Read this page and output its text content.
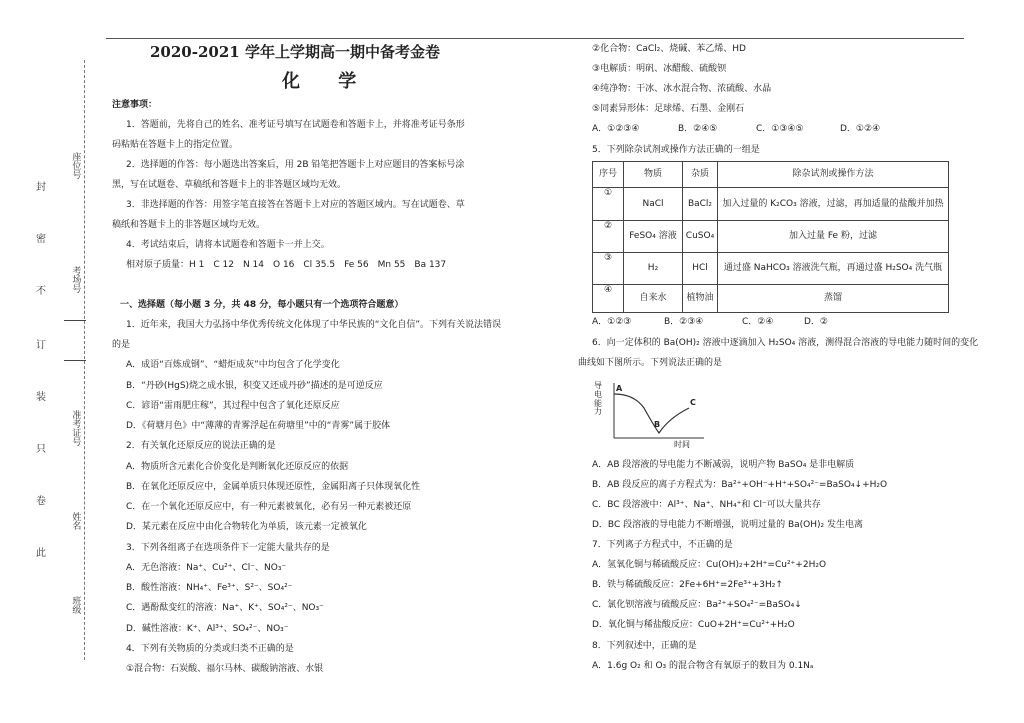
座位号
考场号
准考证号
姓名
班级
封
密
不
订
装
只
卷
此
2020-2021 学年上学期高一期中备考金卷
化 学
注意事项：
1．答题前，先将自己的姓名、准考证号填写在试题卷和答题卡上，并将准考证号条形
码粘贴在答题卡上的指定位置。
2．选择题的作答：每小题选出答案后，用 2B 铅笔把答题卡上对应题目的答案标号涂
黑，写在试题卷、草稿纸和答题卡上的非答题区域均无效。
3．非选择题的作答：用签字笔直接答在答题卡上对应的答题区域内。写在试题卷、草
稿纸和答题卡上的非答题区域均无效。
4．考试结束后，请将本试题卷和答题卡一并上交。
相对原子质量：H 1　C 12　N 14　O 16　Cl 35.5　Fe 56　Mn 55　Ba 137
一、选择题（每小题 3 分，共 48 分，每小题只有一个选项符合题意）
1．近年来，我国大力弘扬中华优秀传统文化体现了中华民族的“文化自信”。下列有关说法错误
的是
A．成语“百炼成钢”、“蜡炬成灰”中均包含了化学变化
B．“丹砂(HgS)烧之成水银，积变又还成丹砂”描述的是可逆反应
C．谚语“雷雨肥庄稼”，其过程中包含了氧化还原反应
D．《荷塘月色》中“薄薄的青雾浮起在荷塘里”中的“青雾”属于胶体
2．有关氧化还原反应的说法正确的是
A．物质所含元素化合价变化是判断氧化还原反应的依据
B．在氧化还原反应中，金属单质只体现还原性，金属阳离子只体现氧化性
C．在一个氧化还原反应中，有一种元素被氧化，必有另一种元素被还原
D．某元素在反应中由化合物转化为单质，该元素一定被氧化
3．下列各组离子在选项条件下一定能大量共存的是
A．无色溶液：Na⁺、Cu²⁺、Cl⁻、NO₃⁻
B．酸性溶液：NH₄⁺、Fe³⁺、S²⁻、SO₄²⁻
C．遇酚酞变红的溶液：Na⁺、K⁺、SO₄²⁻、NO₃⁻
D．碱性溶液：K⁺、Al³⁺、SO₄²⁻、NO₃⁻
4．下列有关物质的分类或归类不正确的是
①混合物：石炭酸、福尔马林、碳酸钠溶液、水银
②化合物：CaCl₂、烧碱、苯乙烯、HD
③电解质：明矾、冰醋酸、硫酸钡
④纯净物：干冰、冰水混合物、浓硫酸、水晶
⑤同素异形体：足球烯、石墨、金刚石
A．①②③④	B．②④⑤	C．①③④⑤	D．①②④
5．下列除杂试剂或操作方法正确的一组是
序号	物质	杂质	除杂试剂或操作方法
①	NaCl	BaCl₂	加入过量的 K₂CO₃ 溶液，过滤，再加适量的盐酸并加热
②	FeSO₄ 溶液	CuSO₄	加入过量 Fe 粉，过滤
③	H₂	HCl	通过盛 NaHCO₃ 溶液洗气瓶，再通过盛 H₂SO₄ 洗气瓶
④	自来水	植物油	蒸馏
A．①②③	B．②③④	C．②④	D．②
6．向一定体积的 Ba(OH)₂ 溶液中逐滴加入 H₂SO₄ 溶液，测得混合溶液的导电能力随时间的变化
曲线如下图所示。下列说法正确的是
导电能力
时间
A
B
C
A．AB 段溶液的导电能力不断减弱，说明产物 BaSO₄ 是非电解质
B．AB 段反应的离子方程式为：Ba²⁺+OH⁻+H⁺+SO₄²⁻=BaSO₄↓+H₂O
C．BC 段溶液中：Al³⁺、Na⁺、NH₄⁺和 Cl⁻可以大量共存
D．BC 段溶液的导电能力不断增强，说明过量的 Ba(OH)₂ 发生电离
7．下列离子方程式中，不正确的是
A．氢氧化铜与稀硫酸反应：Cu(OH)₂+2H⁺=Cu²⁺+2H₂O
B．铁与稀硫酸反应：2Fe+6H⁺=2Fe³⁺+3H₂↑
C．氯化钡溶液与硫酸反应：Ba²⁺+SO₄²⁻=BaSO₄↓
D．氧化铜与稀盐酸反应：CuO+2H⁺=Cu²⁺+H₂O
8．下列叙述中，正确的是
A．1.6g O₂ 和 O₃ 的混合物含有氧原子的数目为 0.1Nₐ
